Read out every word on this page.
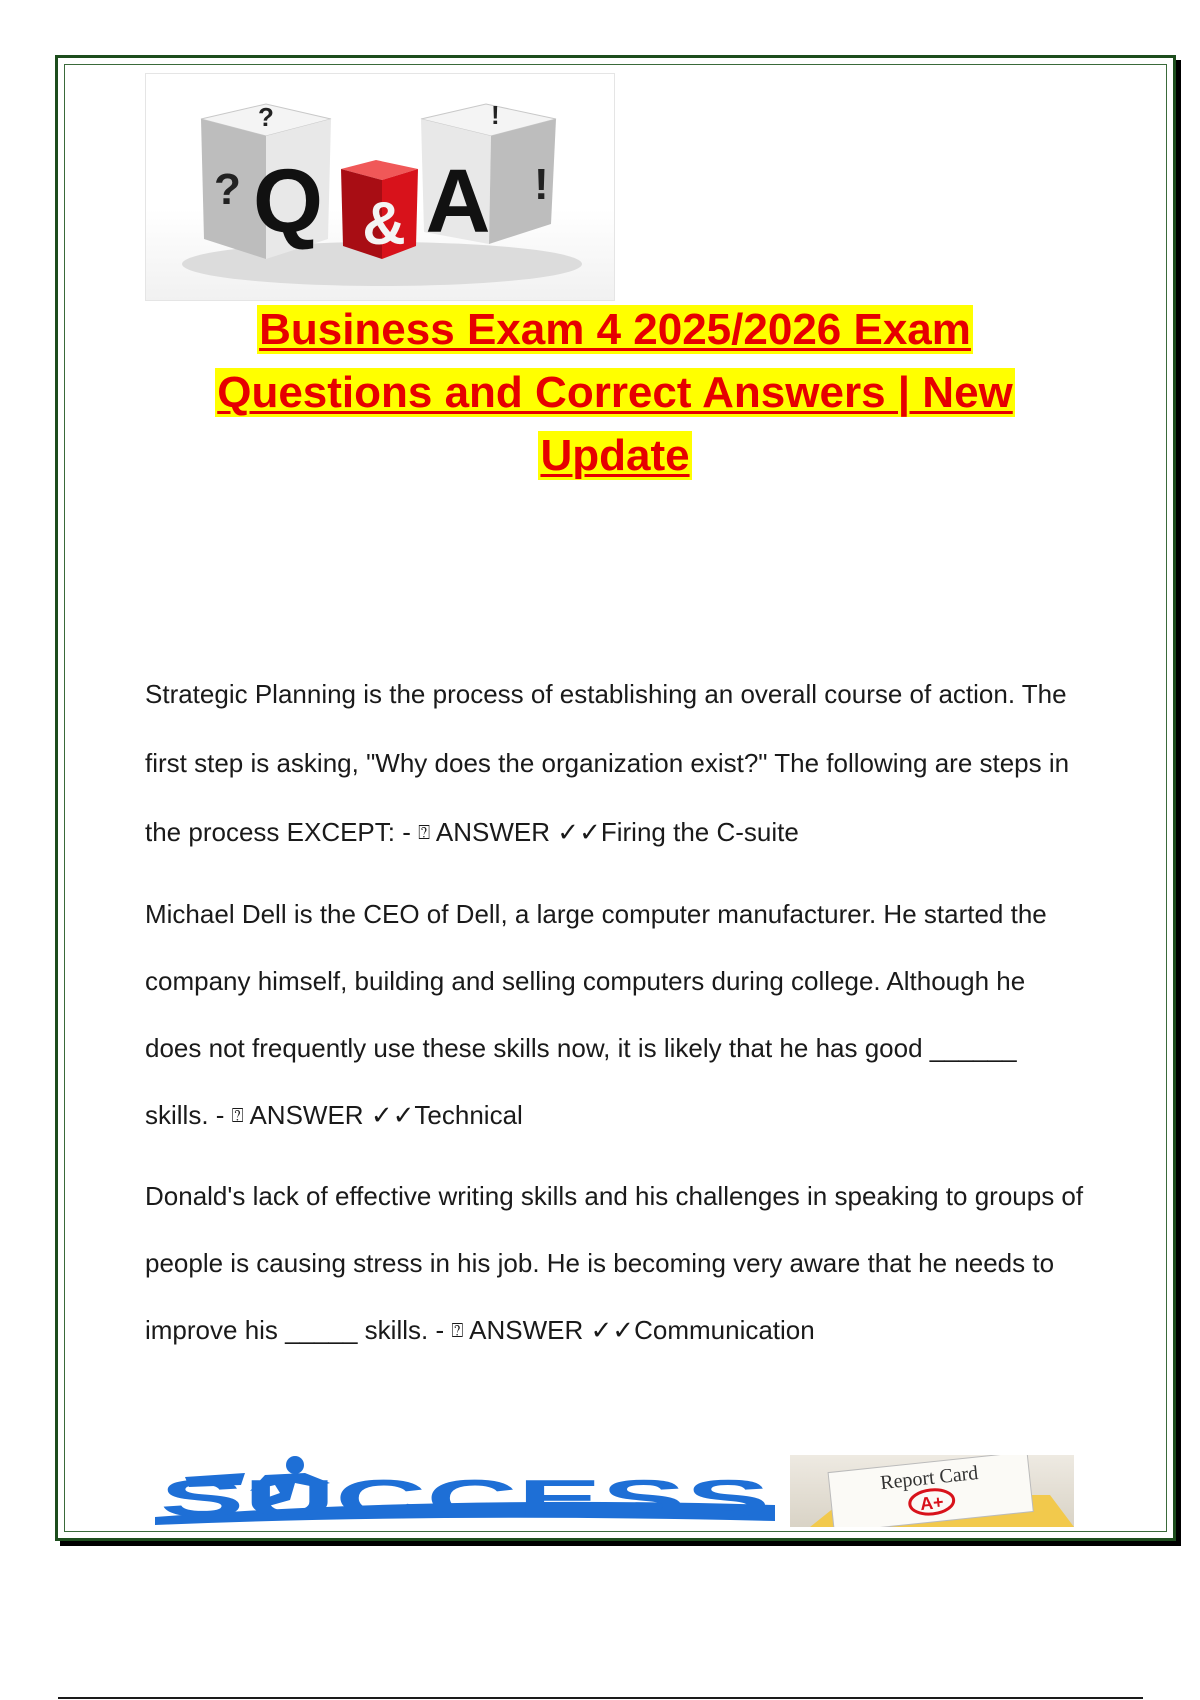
Q
?
?
& A !
!
Business Exam 4 2025/2026 Exam
Questions and Correct Answers | New
Update
Strategic Planning is the process of establishing an overall course of action. The first step is asking, "Why does the organization exist?" The following are steps in the process EXCEPT: - ⍰ ANSWER ✓✓Firing the C-suite
Michael Dell is the CEO of Dell, a large computer manufacturer. He started the company himself, building and selling computers during college. Although he does not frequently use these skills now, it is likely that he has good ______ skills. - ⍰ ANSWER ✓✓Technical
Donald's lack of effective writing skills and his challenges in speaking to groups of people is causing stress in his job. He is becoming very aware that he needs to improve his _____ skills. - ⍰ ANSWER ✓✓Communication
SUCCESS	Report Card
A+
